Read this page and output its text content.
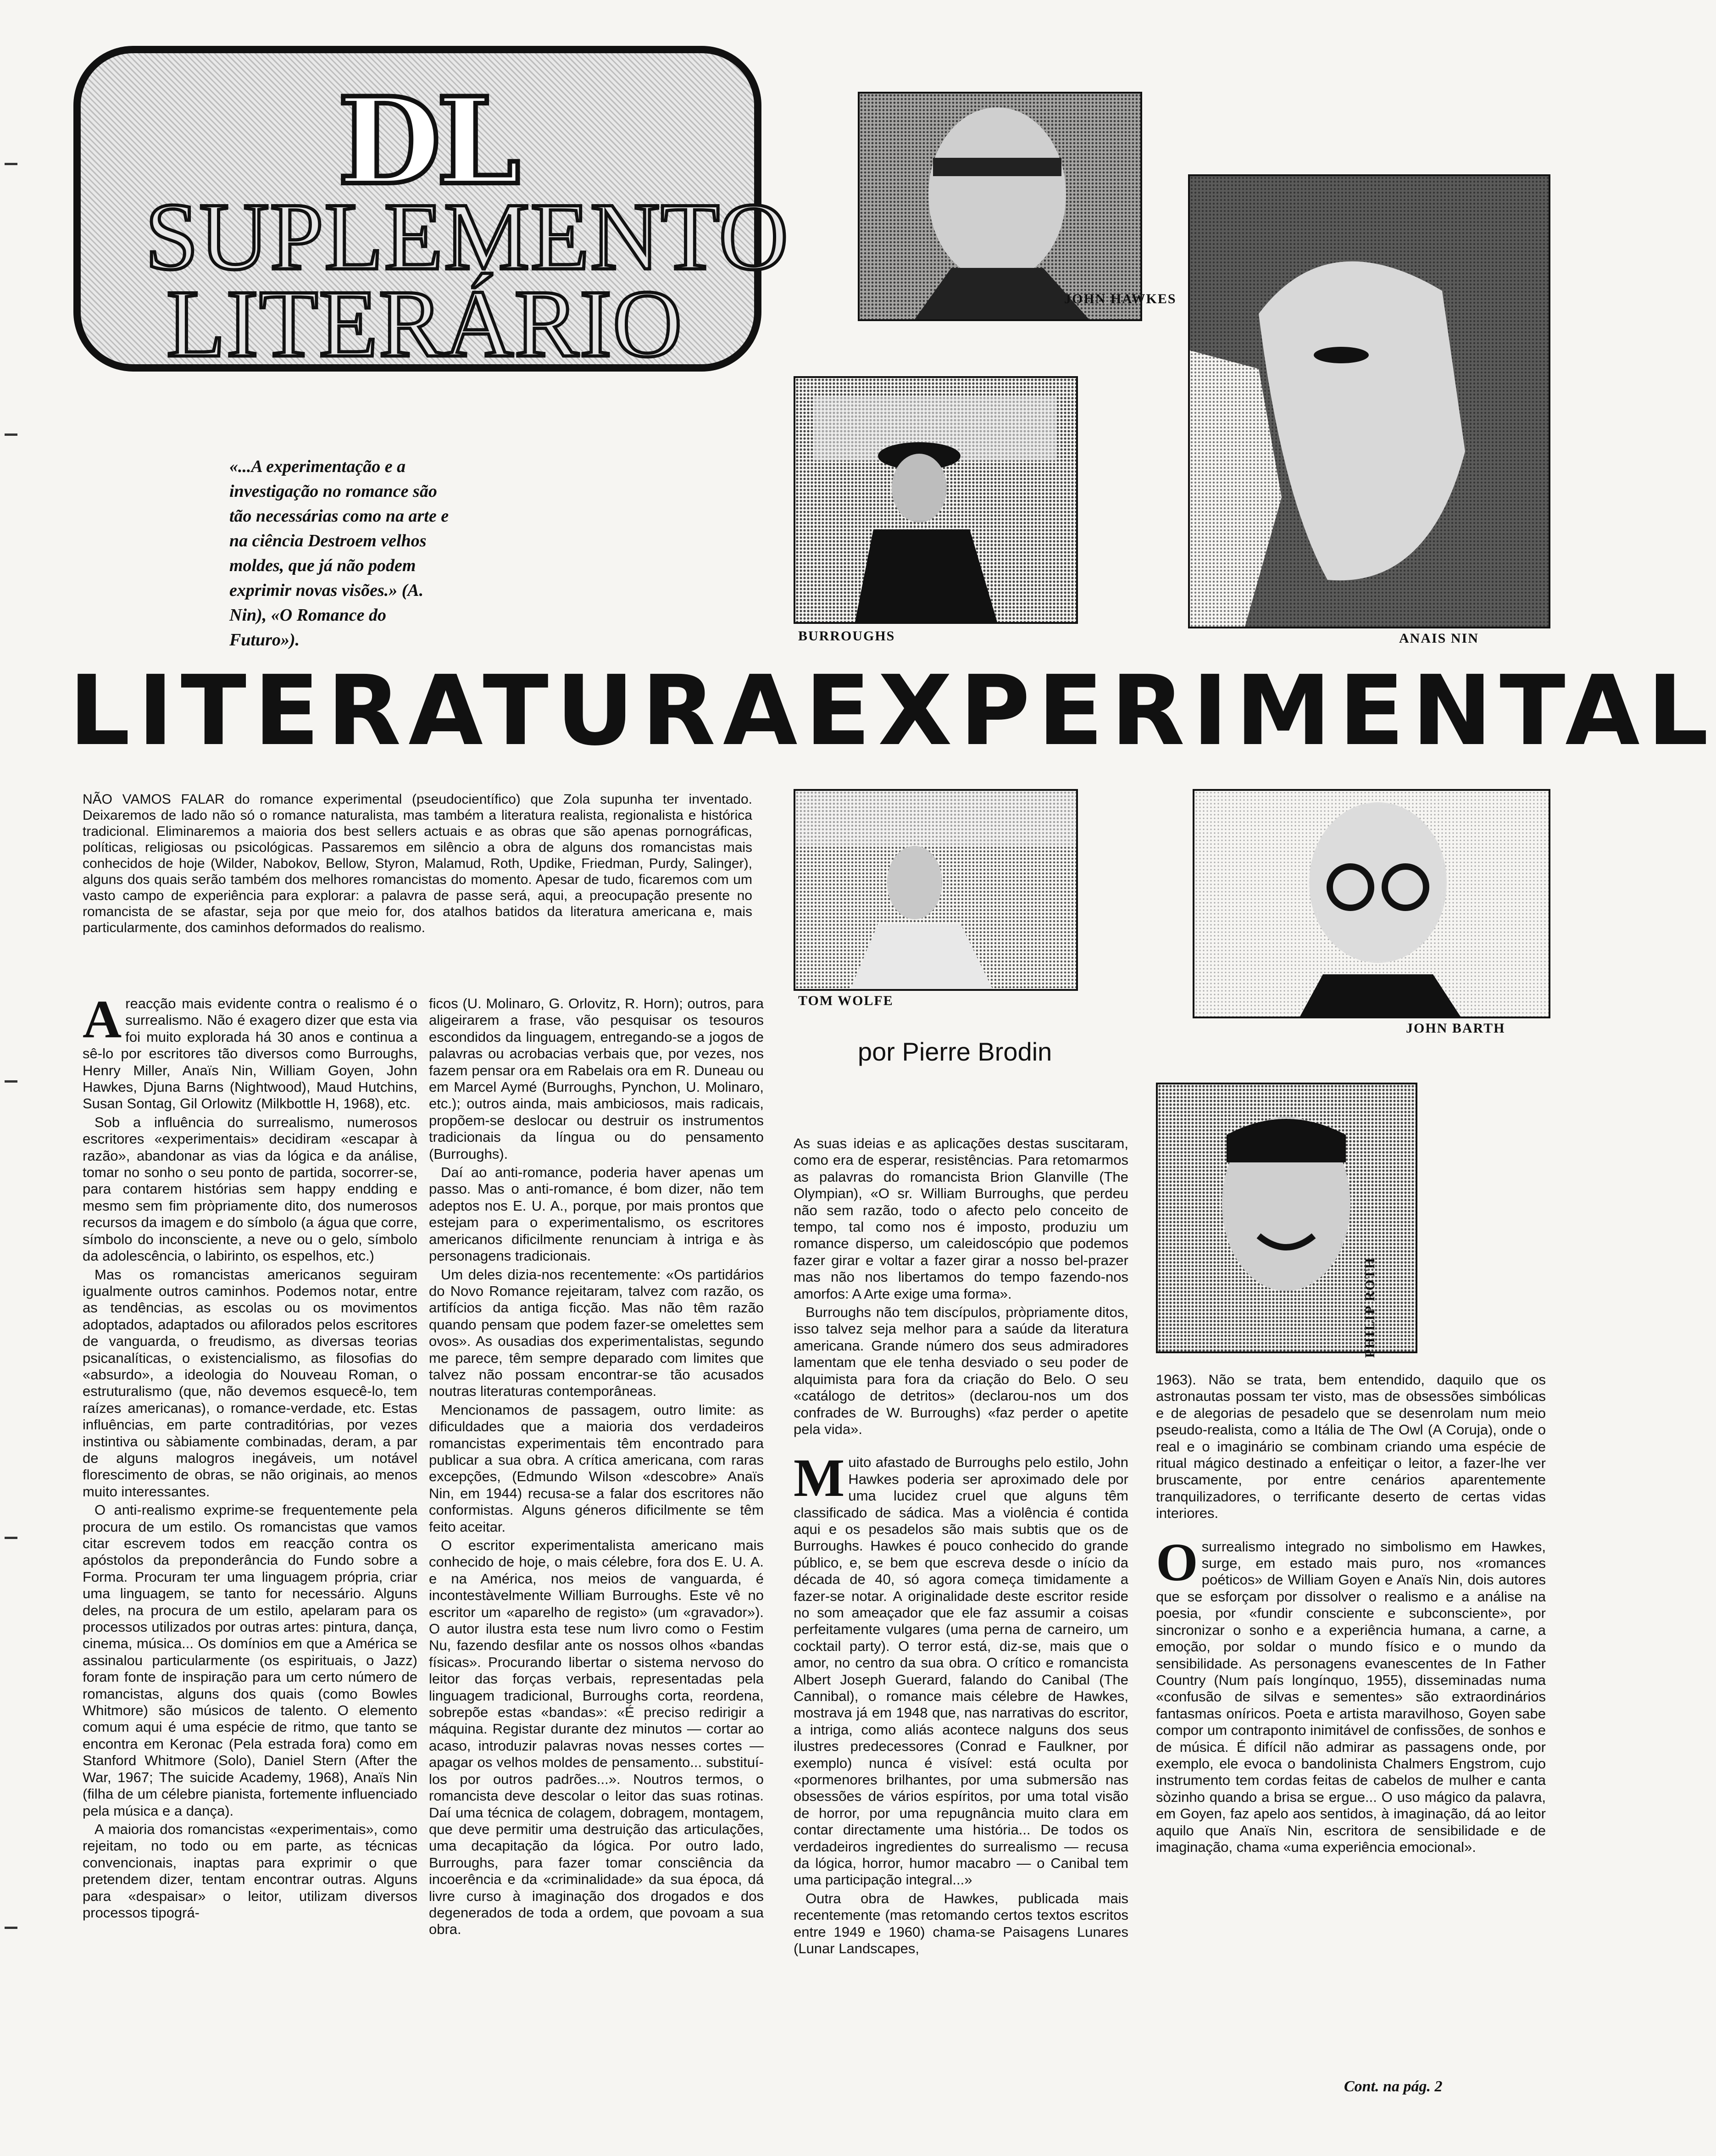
DL
SUPLEMENTO
LITERÁRIO
«...A experimentação e a investigação no romance são tão necessárias como na arte e na ciência Destroem velhos moldes, que já não podem exprimir novas visões.» (A. Nin), «O Romance do Futuro»).
JOHN HAWKES
BURROUGHS	ANAIS NIN
TOM WOLFE
JOHN BARTH
PHILIP ROTH
LITERATURA EXPERIMENTAL
NÃO VAMOS FALAR do romance experimental (pseudocientífico) que Zola supunha ter inventado. Deixaremos de lado não só o romance naturalista, mas também a literatura realista, regionalista e histórica tradicional. Eliminaremos a maioria dos best sellers actuais e as obras que são apenas pornográficas, políticas, religiosas ou psicológicas. Passaremos em silêncio a obra de alguns dos romancistas mais conhecidos de hoje (Wilder, Nabokov, Bellow, Styron, Malamud, Roth, Updike, Friedman, Purdy, Salinger), alguns dos quais serão também dos melhores romancistas do momento. Apesar de tudo, ficaremos com um vasto campo de experiência para explorar: a palavra de passe será, aqui, a preocupação presente no romancista de se afastar, seja por que meio for, dos atalhos batidos da literatura americana e, mais particularmente, dos caminhos deformados do realismo.
por Pierre Brodin

Areacção mais evidente contra o realismo é o surrealismo. Não é exagero dizer que esta via foi muito explorada há 30 anos e continua a sê-lo por escritores tão diversos como Burroughs, Henry Miller, Anaïs Nin, William Goyen, John Hawkes, Djuna Barns (Nightwood), Maud Hutchins, Susan Sontag, Gil Orlowitz (Milkbottle H, 1968), etc.

Sob a influência do surrealismo, numerosos escritores «experimentais» decidiram «escapar à razão», abandonar as vias da lógica e da análise, tomar no sonho o seu ponto de partida, socorrer-se, para contarem histórias sem happy endding e mesmo sem fim pròpriamente dito, dos numerosos recursos da imagem e do símbolo (a água que corre, símbolo do inconsciente, a neve ou o gelo, símbolo da adolescência, o labirinto, os espelhos, etc.)

Mas os romancistas americanos seguiram igualmente outros caminhos. Podemos notar, entre as tendências, as escolas ou os movimentos adoptados, adaptados ou afilorados pelos escritores de vanguarda, o freudismo, as diversas teorias psicanalíticas, o existencialismo, as filosofias do «absurdo», a ideologia do Nouveau Roman, o estruturalismo (que, não devemos esquecê-lo, tem raízes americanas), o romance-verdade, etc. Estas influências, em parte contraditórias, por vezes instintiva ou sàbiamente combinadas, deram, a par de alguns malogros inegáveis, um notável florescimento de obras, se não originais, ao menos muito interessantes.

O anti-realismo exprime-se frequentemente pela procura de um estilo. Os romancistas que vamos citar escrevem todos em reacção contra os apóstolos da preponderância do Fundo sobre a Forma. Procuram ter uma linguagem própria, criar uma linguagem, se tanto for necessário. Alguns deles, na procura de um estilo, apelaram para os processos utilizados por outras artes: pintura, dança, cinema, música... Os domínios em que a América se assinalou particularmente (os espirituais, o Jazz) foram fonte de inspiração para um certo número de romancistas, alguns dos quais (como Bowles Whitmore) são músicos de talento. O elemento comum aqui é uma espécie de ritmo, que tanto se encontra em Keronac (Pela estrada fora) como em Stanford Whitmore (Solo), Daniel Stern (After the War, 1967; The suicide Academy, 1968), Anaïs Nin (filha de um célebre pianista, fortemente influenciado pela música e a dança).

A maioria dos romancistas «experimentais», como rejeitam, no todo ou em parte, as técnicas convencionais, inaptas para exprimir o que pretendem dizer, tentam encontrar outras. Alguns para «despaisar» o leitor, utilizam diversos processos tipográ-

ficos (U. Molinaro, G. Orlovitz, R. Horn); outros, para aligeirarem a frase, vão pesquisar os tesouros escondidos da linguagem, entregando-se a jogos de palavras ou acrobacias verbais que, por vezes, nos fazem pensar ora em Rabelais ora em R. Duneau ou em Marcel Aymé (Burroughs, Pynchon, U. Molinaro, etc.); outros ainda, mais ambiciosos, mais radicais, propõem-se deslocar ou destruir os instrumentos tradicionais da língua ou do pensamento (Burroughs).

Daí ao anti-romance, poderia haver apenas um passo. Mas o anti-romance, é bom dizer, não tem adeptos nos E. U. A., porque, por mais prontos que estejam para o experimentalismo, os escritores americanos dificilmente renunciam à intriga e às personagens tradicionais.

Um deles dizia-nos recentemente: «Os partidários do Novo Romance rejeitaram, talvez com razão, os artifícios da antiga ficção. Mas não têm razão quando pensam que podem fazer-se omelettes sem ovos». As ousadias dos experimentalistas, segundo me parece, têm sempre deparado com limites que talvez não possam encontrar-se tão acusados noutras literaturas contemporâneas.

Mencionamos de passagem, outro limite: as dificuldades que a maioria dos verdadeiros romancistas experimentais têm encontrado para publicar a sua obra. A crítica americana, com raras excepções, (Edmundo Wilson «descobre» Anaïs Nin, em 1944) recusa-se a falar dos escritores não conformistas. Alguns géneros dificilmente se têm feito aceitar.

O escritor experimentalista americano mais conhecido de hoje, o mais célebre, fora dos E. U. A. e na América, nos meios de vanguarda, é incontestàvelmente William Burroughs. Este vê no escritor um «aparelho de registo» (um «gravador»). O autor ilustra esta tese num livro como o Festim Nu, fazendo desfilar ante os nossos olhos «bandas físicas». Procurando libertar o sistema nervoso do leitor das forças verbais, representadas pela linguagem tradicional, Burroughs corta, reordena, sobrepõe estas «bandas»: «É preciso redirigir a máquina. Registar durante dez minutos — cortar ao acaso, introduzir palavras novas nesses cortes — apagar os velhos moldes de pensamento... substituí-los por outros padrões...». Noutros termos, o romancista deve descolar o leitor das suas rotinas. Daí uma técnica de colagem, dobragem, montagem, que deve permitir uma destruição das articulações, uma decapitação da lógica. Por outro lado, Burroughs, para fazer tomar consciência da incoerência e da «criminalidade» da sua época, dá livre curso à imaginação dos drogados e dos degenerados de toda a ordem, que povoam a sua obra.

As suas ideias e as aplicações destas suscitaram, como era de esperar, resistências. Para retomarmos as palavras do romancista Brion Glanville (The Olympian), «O sr. William Burroughs, que perdeu não sem razão, todo o afecto pelo conceito de tempo, tal como nos é imposto, produziu um romance disperso, um caleidoscópio que podemos fazer girar e voltar a fazer girar a nosso bel-prazer mas não nos libertamos do tempo fazendo-nos amorfos: A Arte exige uma forma».

Burroughs não tem discípulos, pròpriamente ditos, isso talvez seja melhor para a saúde da literatura americana. Grande número dos seus admiradores lamentam que ele tenha desviado o seu poder de alquimista para fora da criação do Belo. O seu «catálogo de detritos» (declarou-nos um dos confrades de W. Burroughs) «faz perder o apetite pela vida».

Muito afastado de Burroughs pelo estilo, John Hawkes poderia ser aproximado dele por uma lucidez cruel que alguns têm classificado de sádica. Mas a violência é contida aqui e os pesadelos são mais subtis que os de Burroughs. Hawkes é pouco conhecido do grande público, e, se bem que escreva desde o início da década de 40, só agora começa timidamente a fazer-se notar. A originalidade deste escritor reside no som ameaçador que ele faz assumir a coisas perfeitamente vulgares (uma perna de carneiro, um cocktail party). O terror está, diz-se, mais que o amor, no centro da sua obra. O crítico e romancista Albert Joseph Guerard, falando do Canibal (The Cannibal), o romance mais célebre de Hawkes, mostrava já em 1948 que, nas narrativas do escritor, a intriga, como aliás acontece nalguns dos seus ilustres predecessores (Conrad e Faulkner, por exemplo) nunca é visível: está oculta por «pormenores brilhantes, por uma submersão nas obsessões de vários espíritos, por uma total visão de horror, por uma repugnância muito clara em contar directamente uma história... De todos os verdadeiros ingredientes do surrealismo — recusa da lógica, horror, humor macabro — o Canibal tem uma participação integral...»

Outra obra de Hawkes, publicada mais recentemente (mas retomando certos textos escritos entre 1949 e 1960) chama-se Paisagens Lunares (Lunar Landscapes,

1963). Não se trata, bem entendido, daquilo que os astronautas possam ter visto, mas de obsessões simbólicas e de alegorias de pesadelo que se desenrolam num meio pseudo-realista, como a Itália de The Owl (A Coruja), onde o real e o imaginário se combinam criando uma espécie de ritual mágico destinado a enfeitiçar o leitor, a fazer-lhe ver bruscamente, por entre cenários aparentemente tranquilizadores, o terrificante deserto de certas vidas interiores.

Osurrealismo integrado no simbolismo em Hawkes, surge, em estado mais puro, nos «romances poéticos» de William Goyen e Anaïs Nin, dois autores que se esforçam por dissolver o realismo e a análise na poesia, por «fundir consciente e subconsciente», por sincronizar o sonho e a experiência humana, a carne, a emoção, por soldar o mundo físico e o mundo da sensibilidade. As personagens evanescentes de In Father Country (Num país longínquo, 1955), disseminadas numa «confusão de silvas e sementes» são extraordinários fantasmas oníricos. Poeta e artista maravilhoso, Goyen sabe compor um contraponto inimitável de confissões, de sonhos e de música. É difícil não admirar as passagens onde, por exemplo, ele evoca o bandolinista Chalmers Engstrom, cujo instrumento tem cordas feitas de cabelos de mulher e canta sòzinho quando a brisa se ergue... O uso mágico da palavra, em Goyen, faz apelo aos sentidos, à imaginação, dá ao leitor aquilo que Anaïs Nin, escritora de sensibilidade e de imaginação, chama «uma experiência emocional».

Cont. na pág. 2
